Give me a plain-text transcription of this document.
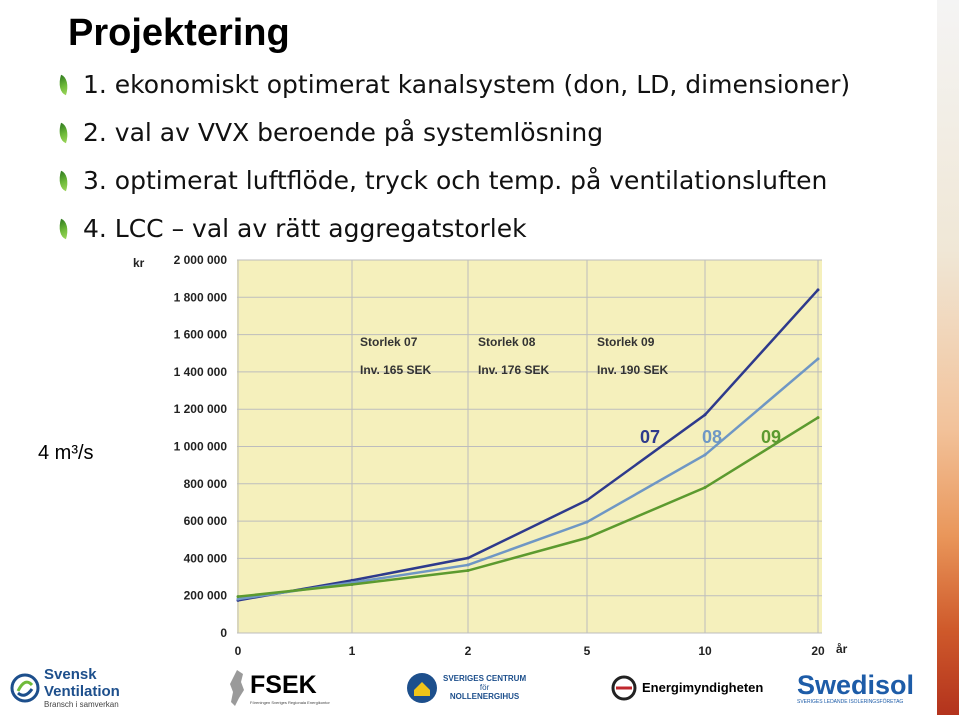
Projektering
1. ekonomiskt optimerat kanalsystem (don, LD, dimensioner)
2. val av VVX beroende på systemlösning
3. optimerat luftflöde, tryck och temp. på ventilationsluften
4. LCC – val av rätt aggregatstorlek
4 m³/s
0
200 000
400 000
600 000
800 000
1 000 000
1 200 000
1 400 000
1 600 000
1 800 000
2 000 000
0	1	2	5	10	20
kr
år
Storlek 07
Inv. 165 SEK
Storlek 08
Inv. 176 SEK
Storlek 09
Inv. 190 SEK
07 08 09
Svensk Ventilation
Bransch i samverkan
FSEK
Föreningen Sveriges Regionala Energikontor
SVERIGES CENTRUM
för
NOLLENERGIHUS
Energimyndigheten Swedisol
SVERIGES LEDANDE ISOLERINGSFÖRETAG
